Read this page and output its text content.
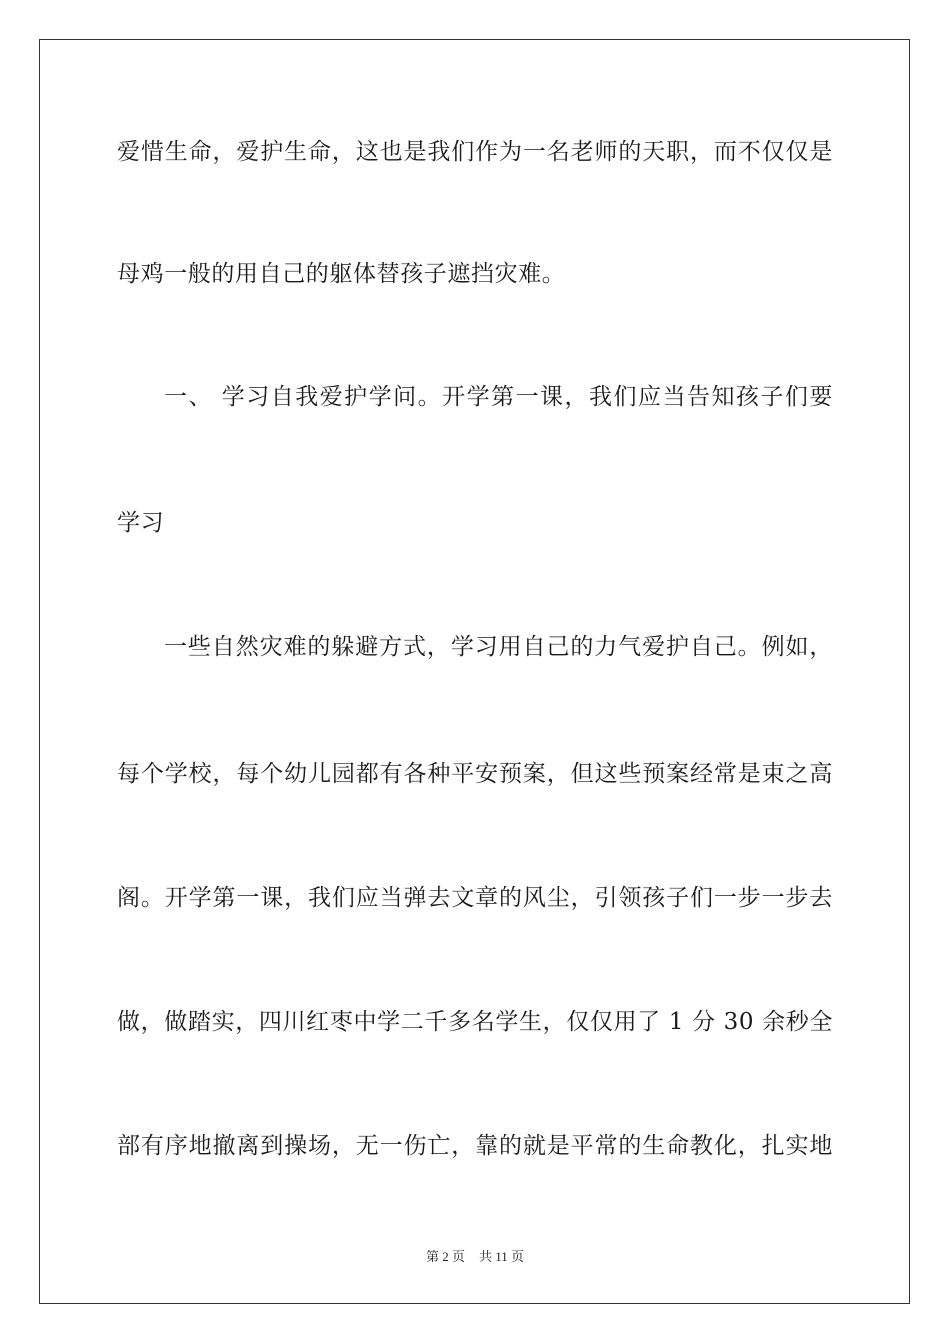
爱惜生命，爱护生命，这也是我们作为一名老师的天职，而不仅仅是
母鸡一般的用自己的躯体替孩子遮挡灾难。
一、 学习自我爱护学问。开学第一课，我们应当告知孩子们要
学习
一些自然灾难的躲避方式，学习用自己的力气爱护自己。例如，
每个学校，每个幼儿园都有各种平安预案，但这些预案经常是束之高
阁。开学第一课，我们应当弹去文章的风尘，引领孩子们一步一步去
做，做踏实，四川红枣中学二千多名学生，仅仅用了 1 分 30 余秒全
部有序地撤离到操场，无一伤亡，靠的就是平常的生命教化，扎实地
第 2 页 共 11 页
